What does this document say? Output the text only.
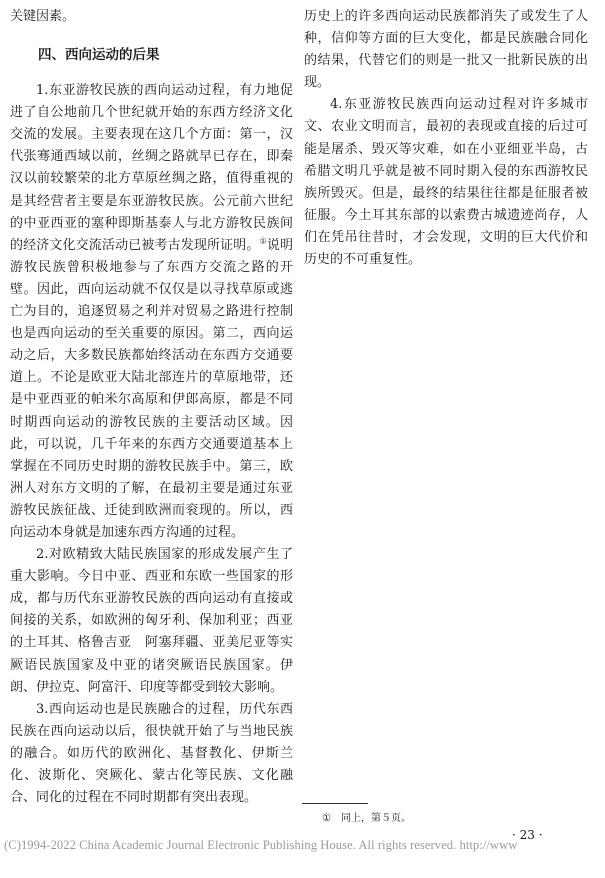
关键因素。

四、西向运动的后果

1.东亚游牧民族的西向运动过程，有力地促进了自公地前几个世纪就开始的东西方经济文化交流的发展。主要表现在这几个方面：第一，汉代张骞通西域以前，丝绸之路就早已存在，即秦汉以前较繁荣的北方草原丝绸之路，值得重视的是其经营者主要是东亚游牧民族。公元前六世纪的中亚西亚的塞种即斯基泰人与北方游牧民族间的经济文化交流活动已被考古发现所证明。①说明游牧民族曾积极地参与了东西方交流之路的开壁。因此，西向运动就不仅仅是以寻找草原或逃亡为目的，追逐贸易之利并对贸易之路进行控制也是西向运动的至关重要的原因。第二，西向运动之后，大多数民族都始终活动在东西方交通要道上。不论是欧亚大陆北部连片的草原地带，还是中亚西亚的帕米尔高原和伊郎高原，都是不同时期西向运动的游牧民族的主要活动区域。因此，可以说，几千年来的东西方交通要道基本上掌握在不同历史时期的游牧民族手中。第三，欧洲人对东方文明的了解，在最初主要是通过东亚游牧民族征战、迁徒到欧洲而衮现的。所以，西向运动本身就是加速东西方沟通的过程。

2.对欧精致大陆民族国家的形成发展产生了重大影响。今日中亚、西亚和东欧一些国家的形成，都与历代东亚游牧民族的西向运动有直接或间接的关系，如欧洲的匈牙利、保加利亚；西亚的土耳其、格鲁吉亚　阿塞拜疆、亚美尼亚等实厥语民族国家及中亚的诸突厥语民族国家。伊朗、伊拉克、阿富汗、印度等都受到较大影响。

3.西向运动也是民族融合的过程，历代东西民族在西向运动以后，很快就开始了与当地民族的融合。如历代的欧洲化、基督教化、伊斯兰化、波斯化、突厥化、蒙古化等民族、文化融合、同化的过程在不同时期都有突出表现。

历史上的许多西向运动民族都消失了或发生了人种，信仰等方面的巨大变化，都是民族融合同化的结果，代替它们的则是一批又一批新民族的出现。

4.东亚游牧民族西向运动过程对许多城市文、农业文明而言，最初的表现或直接的后过可能是屠杀、毁灭等灾难，如在小亚细亚半岛，古希腊文明几乎就是被不同时期入侵的东西游牧民族所毁灭。但是，最终的结果往往都是征服者被征服。今土耳其东部的以索费古城遗迹尚存，人们在凭吊往昔时，才会发现，文明的巨大代价和历史的不可重复性。

① 同上，第５页。
· 23 ·
(C)1994-2022 China Academic Journal Electronic Publishing House. All rights reserved. http://www
